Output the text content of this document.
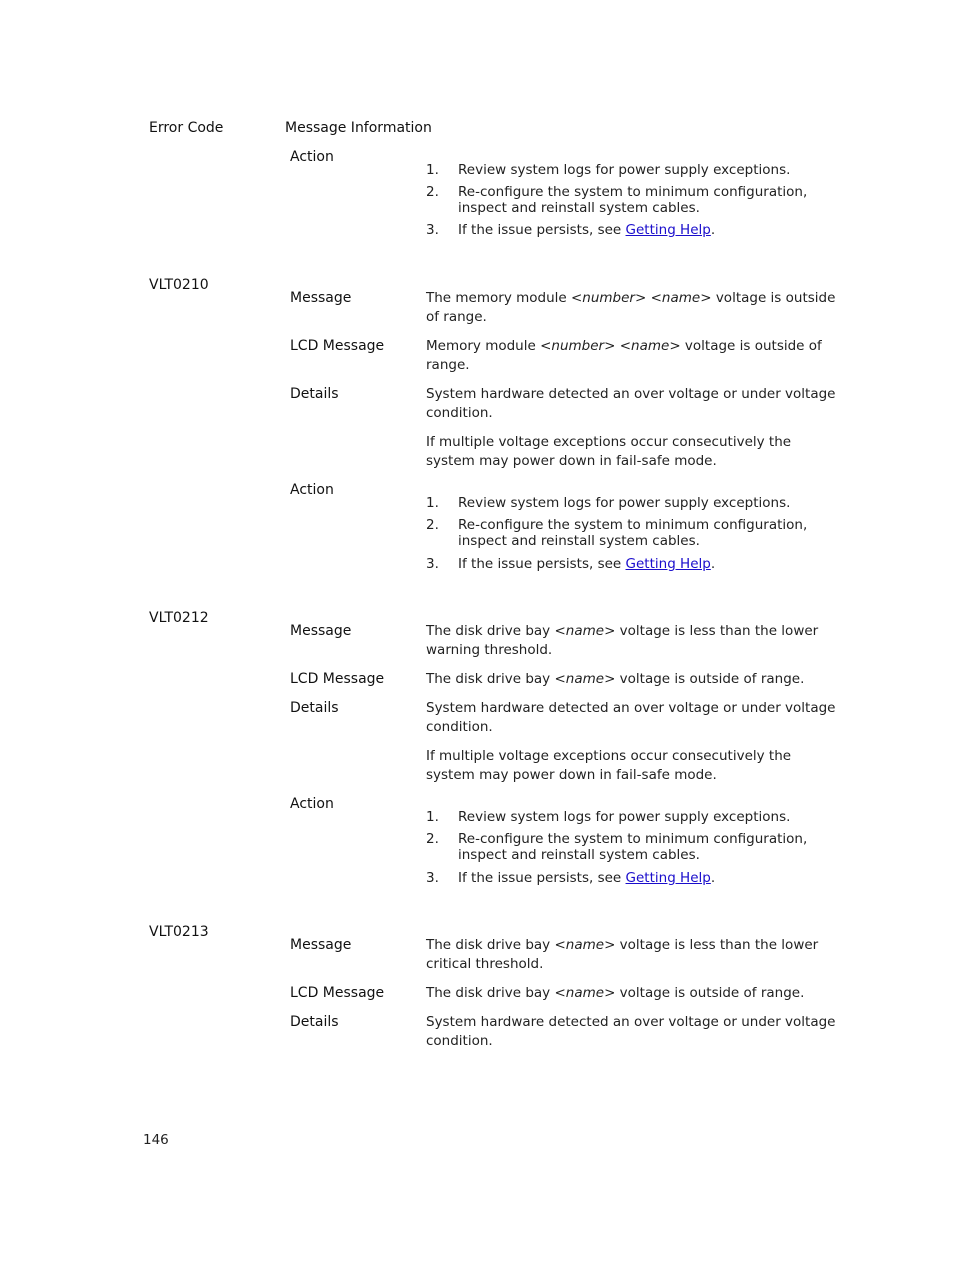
Error Code	Message Information
Action
1. Review system logs for power supply exceptions.
2. Re-configure the system to minimum configuration,
inspect and reinstall system cables.
3. If the issue persists, see Getting Help.
VLT0210
Message	The memory module <number> <name> voltage is outside
of range.
LCD Message	Memory module <number> <name> voltage is outside of
range.
Details	System hardware detected an over voltage or under voltage
condition.
If multiple voltage exceptions occur consecutively the
system may power down in fail-safe mode.
Action
1. Review system logs for power supply exceptions.
2. Re-configure the system to minimum configuration,
inspect and reinstall system cables.
3. If the issue persists, see Getting Help.
VLT0212
Message	The disk drive bay <name> voltage is less than the lower
warning threshold.
LCD Message	The disk drive bay <name> voltage is outside of range.
Details	System hardware detected an over voltage or under voltage
condition.
If multiple voltage exceptions occur consecutively the
system may power down in fail-safe mode.
Action
1. Review system logs for power supply exceptions.
2. Re-configure the system to minimum configuration,
inspect and reinstall system cables.
3. If the issue persists, see Getting Help.
VLT0213
Message	The disk drive bay <name> voltage is less than the lower
critical threshold.
LCD Message	The disk drive bay <name> voltage is outside of range.
Details	System hardware detected an over voltage or under voltage
condition.
146
